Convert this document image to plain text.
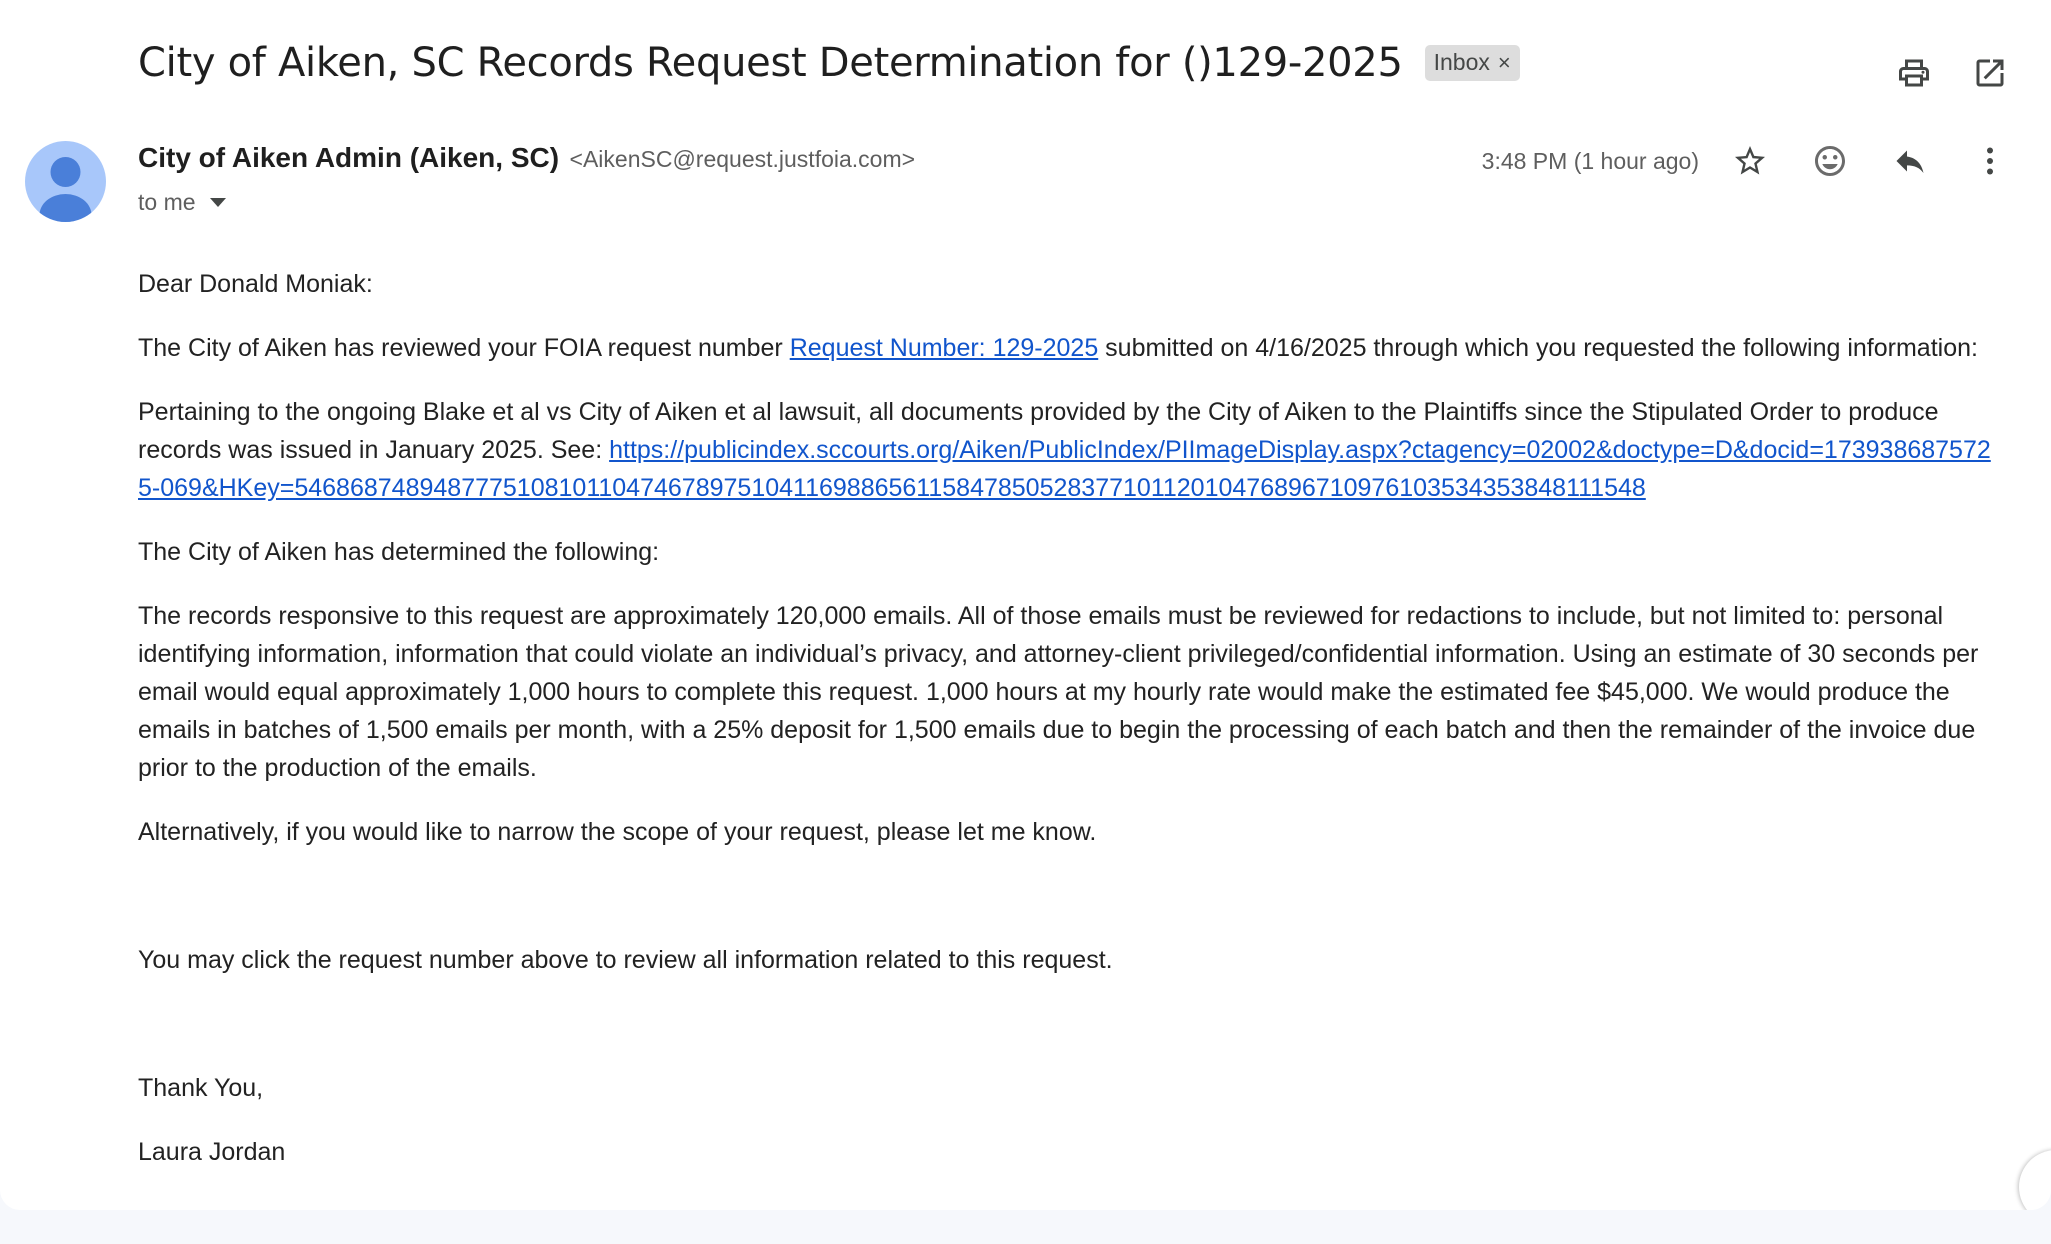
City of Aiken, SC Records Request Determination for ()129-2025 Inbox ×
City of Aiken Admin (Aiken, SC) <AikenSC@request.justfoia.com>
to me
3:48 PM (1 hour ago)

Dear Donald Moniak:

The City of Aiken has reviewed your FOIA request number Request Number: 129-2025 submitted on 4/16/2025 through which you requested the following information:

Pertaining to the ongoing Blake et al vs City of Aiken et al lawsuit, all documents provided by the City of Aiken to the Plaintiffs since the Stipulated Order to produce records was issued in January 2025. See: https://publicindex.sccourts.org/Aiken/PublicIndex/PIImageDisplay.aspx?ctagency=02002&doctype=D&docid=1739386875725-069&HKey=5468687489487775108101104746789751041169886561158478505283771011201047689671097610353435384811154‌8

The City of Aiken has determined the following:

The records responsive to this request are approximately 120,000 emails. All of those emails must be reviewed for redactions to include, but not limited to: personal identifying information, information that could violate an individual’s privacy, and attorney-client privileged/confidential information. Using an estimate of 30 seconds per email would equal approximately 1,000 hours to complete this request. 1,000 hours at my hourly rate would make the estimated fee $45,000. We would produce the emails in batches of 1,500 emails per month, with a 25% deposit for 1,500 emails due to begin the processing of each batch and then the remainder of the invoice due prior to the production of the emails.

Alternatively, if you would like to narrow the scope of your request, please let me know.

You may click the request number above to review all information related to this request.

Thank You,

Laura Jordan
